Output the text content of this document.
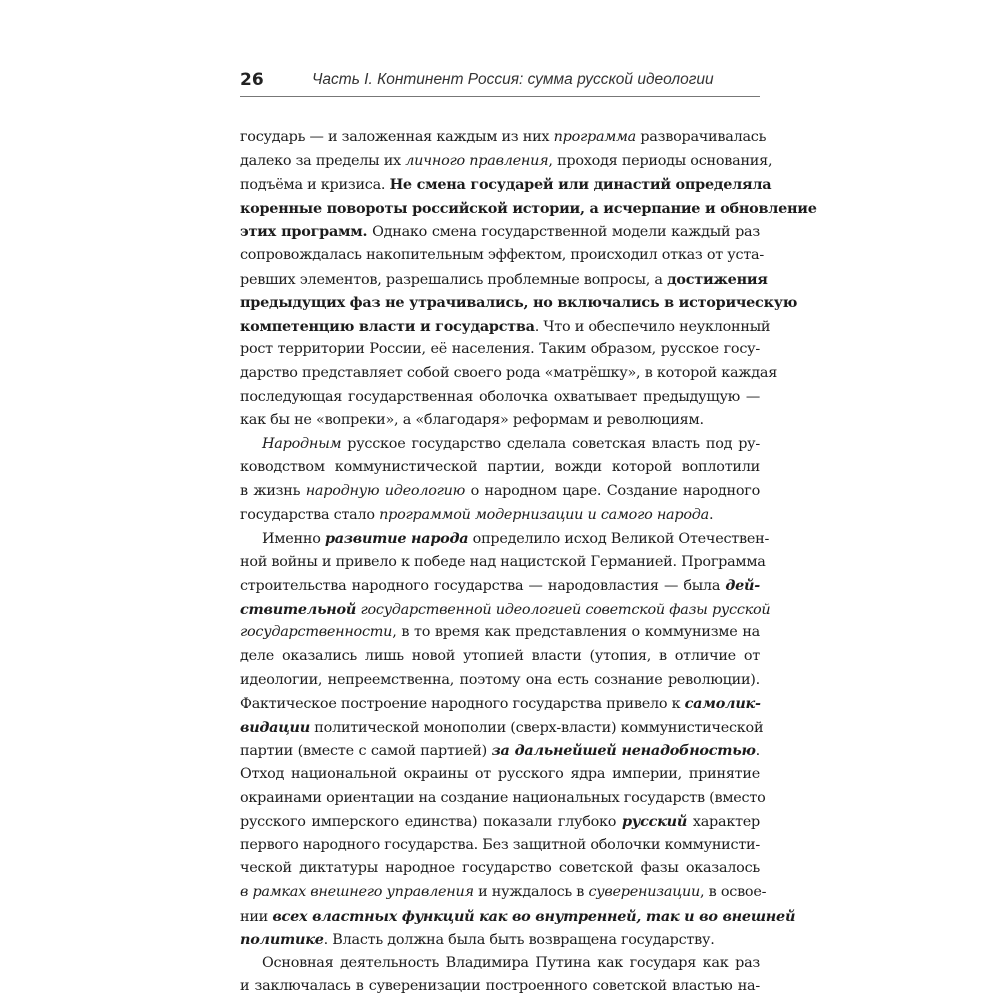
26	Часть I. Континент Россия: сумма русской идеологии
государь — и заложенная каждым из них программа разворачивалась
далеко за пределы их личного правления, проходя периоды основания,
подъёма и кризиса. Не смена государей или династий определяла
коренные повороты российской истории, а исчерпание и обновление
этих программ. Однако смена государственной модели каждый раз
сопровождалась накопительным эффектом, происходил отказ от уста-
ревших элементов, разрешались проблемные вопросы, а достижения
предыдущих фаз не утрачивались, но включались в историческую
компетенцию власти и государства. Что и обеспечило неуклонный
рост территории России, её населения. Таким образом, русское госу-
дарство представляет собой своего рода «матрёшку», в которой каждая
последующая государственная оболочка охватывает предыдущую —
как бы не «вопреки», а «благодаря» реформам и революциям.
Народным русское государство сделала советская власть под ру-
ководством коммунистической партии, вожди которой воплотили
в жизнь народную идеологию о народном царе. Создание народного
государства стало программой модернизации и самого народа.
Именно развитие народа определило исход Великой Отечествен-
ной войны и привело к победе над нацистской Германией. Программа
строительства народного государства — народовластия — была дей-
ствительной государственной идеологией советской фазы русской
государственности, в то время как представления о коммунизме на
деле оказались лишь новой утопией власти (утопия, в отличие от
идеологии, непреемственна, поэтому она есть сознание революции).
Фактическое построение народного государства привело к самолик-
видации политической монополии (сверх-власти) коммунистической
партии (вместе с самой партией) за дальнейшей ненадобностью.
Отход национальной окраины от русского ядра империи, принятие
окраинами ориентации на создание национальных государств (вместо
русского имперского единства) показали глубоко русский характер
первого народного государства. Без защитной оболочки коммунисти-
ческой диктатуры народное государство советской фазы оказалось
в рамках внешнего управления и нуждалось в суверенизации, в освое-
нии всех властных функций как во внутренней, так и во внешней
политике. Власть должна была быть возвращена государству.
Основная деятельность Владимира Путина как государя как раз
и заключалась в суверенизации построенного советской властью на-
